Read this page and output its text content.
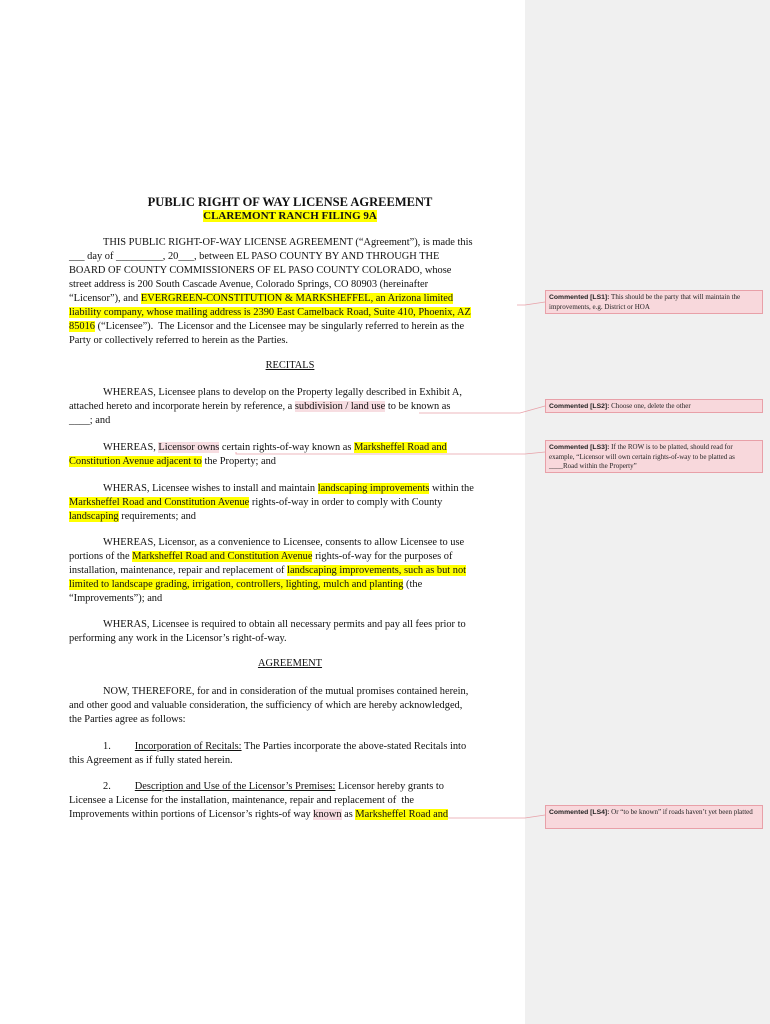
PUBLIC RIGHT OF WAY LICENSE AGREEMENT

CLAREMONT RANCH FILING 9A

THIS PUBLIC RIGHT-OF-WAY LICENSE AGREEMENT (“Agreement”), is made this

___ day of _________, 20___, between EL PASO COUNTY BY AND THROUGH THE

BOARD OF COUNTY COMMISSIONERS OF EL PASO COUNTY COLORADO, whose

street address is 200 South Cascade Avenue, Colorado Springs, CO 80903 (hereinafter

“Licensor”), and EVERGREEN-CONSTITUTION & MARKSHEFFEL, an Arizona limited

liability company, whose mailing address is 2390 East Camelback Road, Suite 410, Phoenix, AZ

85016 (“Licensee”).  The Licensor and the Licensee may be singularly referred to herein as the

Party or collectively referred to herein as the Parties.

RECITALS

WHEREAS, Licensee plans to develop on the Property legally described in Exhibit A,

attached hereto and incorporate herein by reference, a subdivision / land use to be known as

____; and

WHEREAS, Licensor owns certain rights-of-way known as Marksheffel Road and

Constitution Avenue adjacent to the Property; and

WHERAS, Licensee wishes to install and maintain landscaping improvements within the

Marksheffel Road and Constitution Avenue rights-of-way in order to comply with County

landscaping requirements; and

WHEREAS, Licensor, as a convenience to Licensee, consents to allow Licensee to use

portions of the Marksheffel Road and Constitution Avenue rights-of-way for the purposes of

installation, maintenance, repair and replacement of landscaping improvements, such as but not

limited to landscape grading, irrigation, controllers, lighting, mulch and planting (the

“Improvements”); and

WHERAS, Licensee is required to obtain all necessary permits and pay all fees prior to

performing any work in the Licensor’s right-of-way.

AGREEMENT

NOW, THEREFORE, for and in consideration of the mutual promises contained herein,

and other good and valuable consideration, the sufficiency of which are hereby acknowledged,

the Parties agree as follows:

1. Incorporation of Recitals: The Parties incorporate the above-stated Recitals into

this Agreement as if fully stated herein.

2. Description and Use of the Licensor’s Premises: Licensor hereby grants to

Licensee a License for the installation, maintenance, repair and replacement of  the

Improvements within portions of Licensor’s rights-of way known as Marksheffel Road and

Commented [LS1]: This should be the party that will maintain the improvements, e.g. District or HOA
Commented [LS2]: Choose one, delete the other
Commented [LS3]: If the ROW is to be platted, should read for example, “Licensor will own certain rights-of-way to be platted as ____Road within the Property”
Commented [LS4]: Or “to be known” if roads haven’t yet been platted
